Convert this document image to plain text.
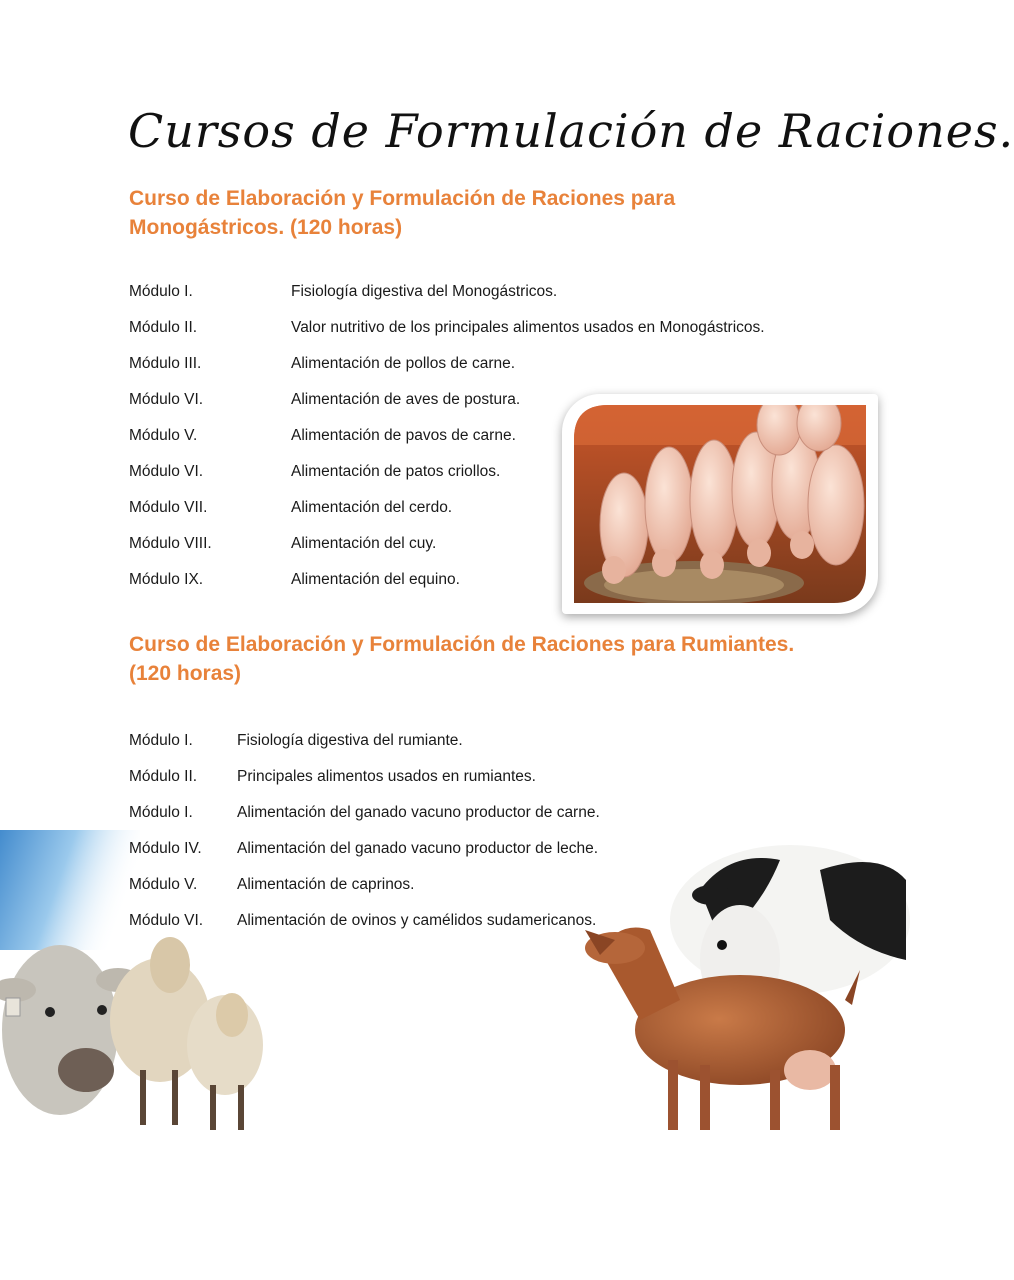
Cursos de Formulación de Raciones.
Curso de Elaboración y Formulación de Raciones para Monogástricos. (120 horas)
Módulo I.	Fisiología digestiva del Monogástricos.
Módulo II.	Valor nutritivo de los principales alimentos usados en Monogástricos.
Módulo III.	Alimentación de pollos de carne.
Módulo VI.	Alimentación de aves de postura.
Módulo V.	Alimentación de pavos de carne.
Módulo VI.	Alimentación de patos criollos.
Módulo VII.	Alimentación del cerdo.
Módulo VIII.	Alimentación del cuy.
Módulo IX.	Alimentación del equino.
Curso de Elaboración y Formulación de Raciones para Rumiantes. (120 horas)
Módulo I.	Fisiología digestiva del rumiante.
Módulo II.	Principales alimentos usados en rumiantes.
Módulo I.	Alimentación del ganado vacuno productor de carne.
Módulo IV.	Alimentación del ganado vacuno productor de leche.
Módulo V.	Alimentación de caprinos.
Módulo VI.	Alimentación de ovinos y camélidos sudamericanos.
